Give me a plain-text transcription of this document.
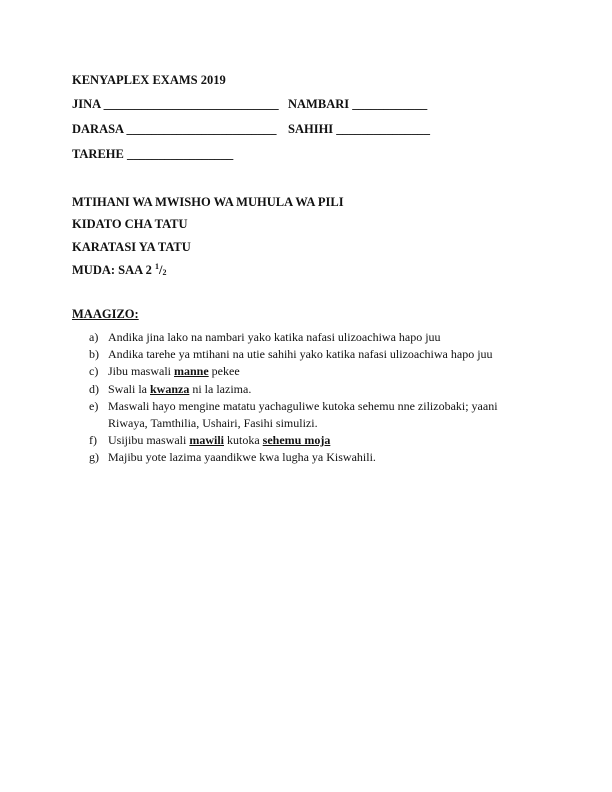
KENYAPLEX EXAMS 2019
JINA ____________________________ NAMBARI ____________
DARASA ________________________ SAHIHI _______________
TAREHE _________________
MTIHANI WA MWISHO WA MUHULA WA PILI
KIDATO CHA TATU
KARATASI YA TATU
MUDA: SAA 2 $^1/_2$
MAAGIZO:
a) Andika jina lako na nambari yako katika nafasi ulizoachiwa hapo juu
b) Andika tarehe ya mtihani na utie sahihi yako katika nafasi ulizoachiwa hapo juu
c) Jibu maswali manne pekee
d) Swali la kwanza ni la lazima.
e) Maswali hayo mengine matatu yachaguliwe kutoka sehemu nne zilizobaki; yaani Riwaya, Tamthilia, Ushairi, Fasihi simulizi.
f) Usijibu maswali mawili kutoka sehemu moja
g) Majibu yote lazima yaandikwe kwa lugha ya Kiswahili.
